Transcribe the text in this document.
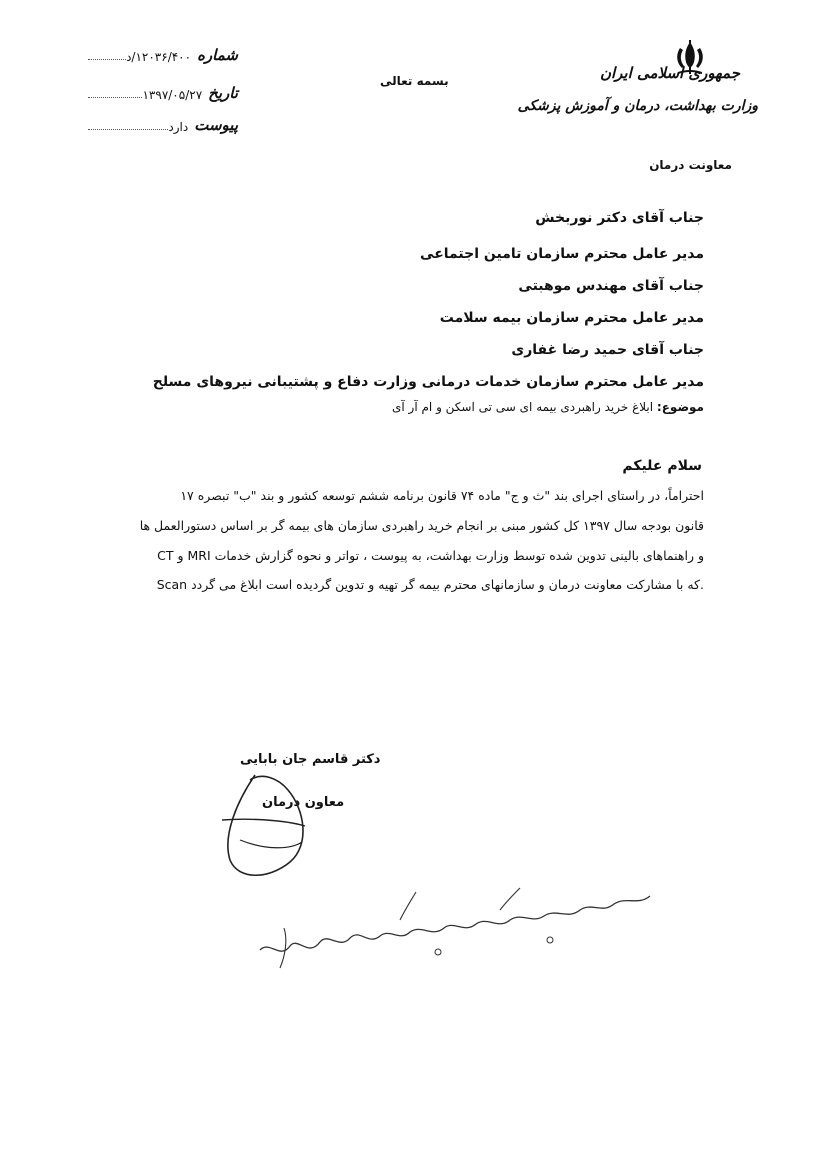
جمهوری اسلامی ایران
وزارت بهداشت، درمان و آموزش پزشکی
معاونت درمان
بسمه تعالی
شماره
۱۲۰۳۶/۴۰۰/د
تاریخ
۱۳۹۷/۰۵/۲۷
پیوست
دارد
جناب آقای دکتر نوربخش
مدیر عامل محترم سازمان تامین اجتماعی
جناب آقای مهندس موهبتی
مدیر عامل محترم سازمان بیمه سلامت
جناب آقای حمید رضا غفاری
مدیر عامل محترم سازمان خدمات درمانی وزارت دفاع و پشتیبانی نیروهای مسلح
موضوع: ابلاغ خرید راهبردی بیمه ای سی تی اسکن و ام آر آی
سلام علیکم
احتراماً، در راستای اجرای بند "ث و ج" ماده ۷۴ قانون برنامه ششم توسعه کشور و بند "ب" تبصره ۱۷
قانون بودجه سال ۱۳۹۷ کل کشور مبنی بر انجام خرید راهبردی سازمان های بیمه گر بر اساس دستورالعمل ها
و راهنماهای بالینی تدوین شده توسط وزارت بهداشت، به پیوست ، تواتر و نحوه گزارش خدمات MRI و CT
Scan که با مشارکت معاونت درمان و سازمانهای محترم بیمه گر تهیه و تدوین گردیده است ابلاغ می گردد.
دکتر قاسم جان بابایی
معاون درمان
